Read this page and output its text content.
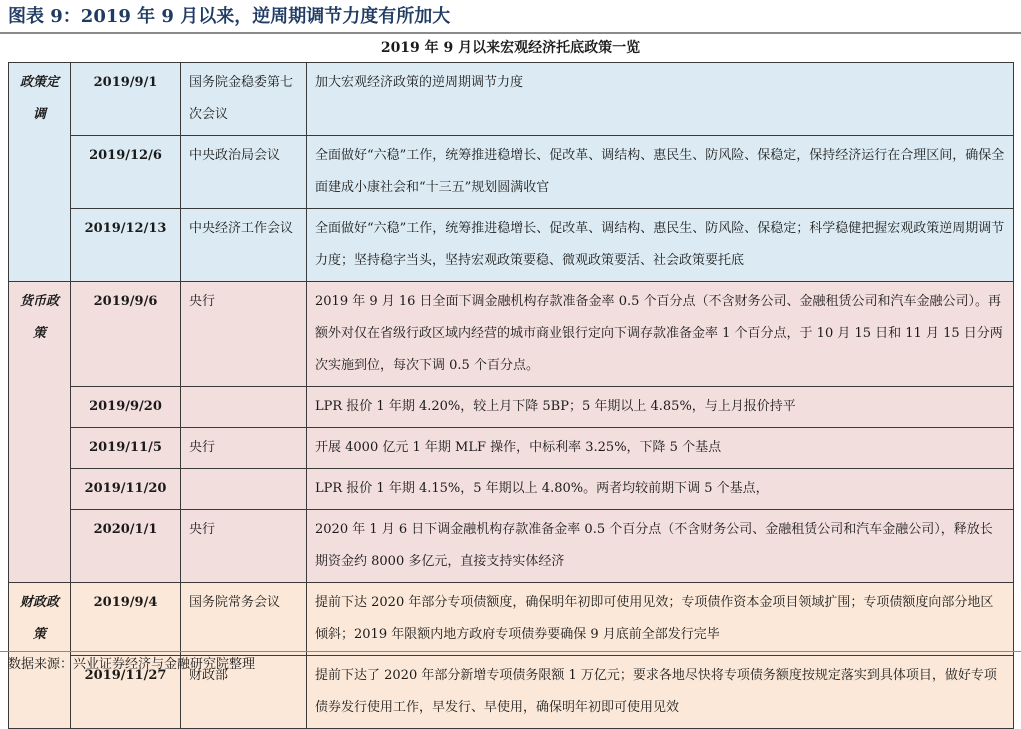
图表 9：2019 年 9 月以来，逆周期调节力度有所加大
2019 年 9 月以来宏观经济托底政策一览
政策定调	2019/9/1	国务院金稳委第七次会议	加大宏观经济政策的逆周期调节力度
	2019/12/6	中央政治局会议	全面做好“六稳”工作，统筹推进稳增长、促改革、调结构、惠民生、防风险、保稳定，保持经济运行在合理区间，确保全面建成小康社会和“十三五”规划圆满收官
	2019/12/13	中央经济工作会议	全面做好“六稳”工作，统筹推进稳增长、促改革、调结构、惠民生、防风险、保稳定；科学稳健把握宏观政策逆周期调节力度；坚持稳字当头，坚持宏观政策要稳、微观政策要活、社会政策要托底
货币政策	2019/9/6	央行	2019 年 9 月 16 日全面下调金融机构存款准备金率 0.5 个百分点（不含财务公司、金融租赁公司和汽车金融公司）。再额外对仅在省级行政区域内经营的城市商业银行定向下调存款准备金率 1 个百分点，于 10 月 15 日和 11 月 15 日分两次实施到位，每次下调 0.5 个百分点。
	2019/9/20		LPR 报价 1 年期 4.20%，较上月下降 5BP；5 年期以上 4.85%，与上月报价持平
	2019/11/5	央行	开展 4000 亿元 1 年期 MLF 操作，中标利率 3.25%，下降 5 个基点
	2019/11/20		LPR 报价 1 年期 4.15%，5 年期以上 4.80%。两者均较前期下调 5 个基点，
	2020/1/1	央行	2020 年 1 月 6 日下调金融机构存款准备金率 0.5 个百分点（不含财务公司、金融租赁公司和汽车金融公司），释放长期资金约 8000 多亿元，直接支持实体经济
财政政策	2019/9/4	国务院常务会议	提前下达 2020 年部分专项债额度，确保明年初即可使用见效；专项债作资本金项目领域扩围；专项债额度向部分地区倾斜；2019 年限额内地方政府专项债券要确保 9 月底前全部发行完毕
	2019/11/27	财政部	提前下达了 2020 年部分新增专项债务限额 1 万亿元；要求各地尽快将专项债务额度按规定落实到具体项目，做好专项债券发行使用工作，早发行、早使用，确保明年初即可使用见效
数据来源：兴业证券经济与金融研究院整理
